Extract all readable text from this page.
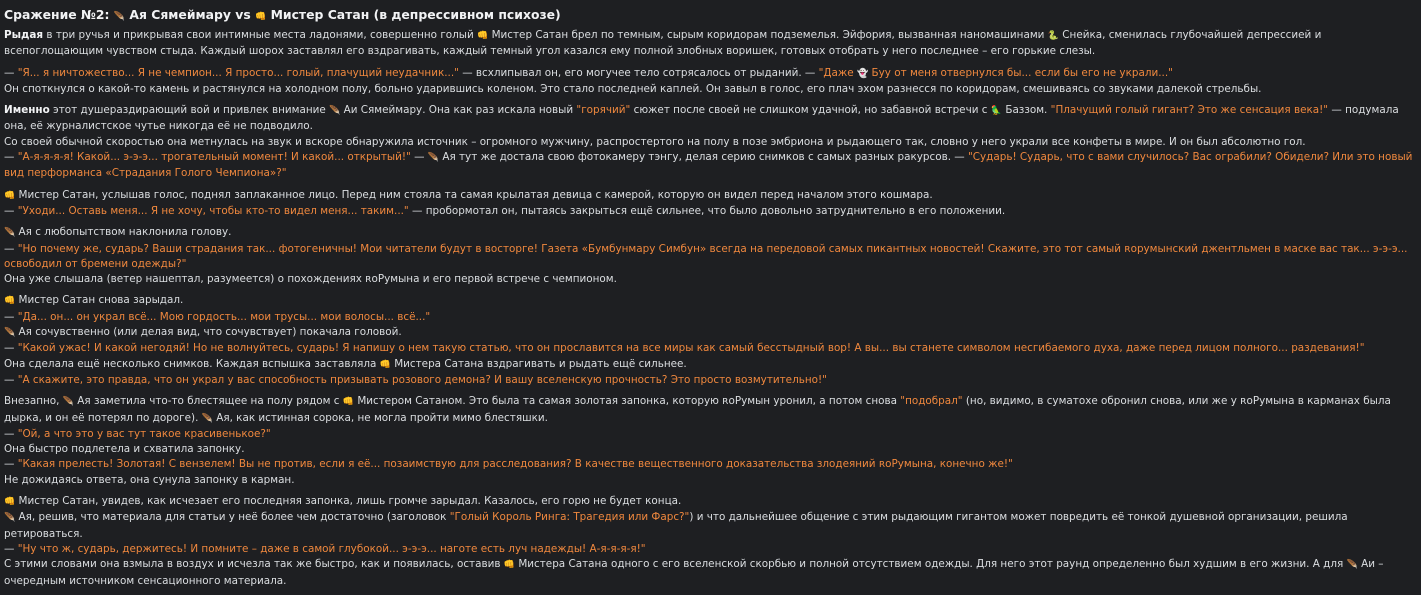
Сражение №2: 🪶 Ая Сямеймару vs 👊 Мистер Сатан (в депрессивном психозе)

Рыдая в три ручья и прикрывая свои интимные места ладонями, совершенно голый 👊 Мистер Сатан брел по темным, сырым коридорам подземелья. Эйфория, вызванная наномашинами 🐍 Снейка, сменилась глубочайшей депрессией и всепоглощающим чувством стыда. Каждый шорох заставлял его вздрагивать, каждый темный угол казался ему полной злобных воришек, готовых отобрать у него последнее – его горькие слезы.

— "Я... я ничтожество... Я не чемпион... Я просто... голый, плачущий неудачник..." — всхлипывал он, его могучее тело сотрясалось от рыданий. — "Даже 👻 Буу от меня отвернулся бы... если бы его не украли..."
Он споткнулся о какой-то камень и растянулся на холодном полу, больно ударившись коленом. Это стало последней каплей. Он завыл в голос, его плач эхом разнесся по коридорам, смешиваясь со звуками далекой стрельбы.

Именно этот душераздирающий вой и привлек внимание 🪶 Аи Сямеймару. Она как раз искала новый "горячий" сюжет после своей не слишком удачной, но забавной встречи с 🦜 Баззом. "Плачущий голый гигант? Это же сенсация века!" — подумала она, её журналистское чутье никогда её не подводило.
Со своей обычной скоростью она метнулась на звук и вскоре обнаружила источник – огромного мужчину, распростертого на полу в позе эмбриона и рыдающего так, словно у него украли все конфеты в мире. И он был абсолютно гол.
— "А-я-я-я-я! Какой... э-э-э... трогательный момент! И какой... открытый!" — 🪶 Ая тут же достала свою фотокамеру тэнгу, делая серию снимков с самых разных ракурсов. — "Сударь! Сударь, что с вами случилось? Вас ограбили? Обидели? Или это новый вид перформанса «Страдания Голого Чемпиона»?"

👊 Мистер Сатан, услышав голос, поднял заплаканное лицо. Перед ним стояла та самая крылатая девица с камерой, которую он видел перед началом этого кошмара.
— "Уходи... Оставь меня... Я не хочу, чтобы кто-то видел меня... таким..." — пробормотал он, пытаясь закрыться ещё сильнее, что было довольно затруднительно в его положении.

🪶 Ая с любопытством наклонила голову.
— "Но почему же, сударь? Ваши страдания так... фотогеничны! Мои читатели будут в восторге! Газета «Бумбунмару Симбун» всегда на передовой самых пикантных новостей! Скажите, это тот самый ʀᴏрумынский джентльмен в маске вас так... э-э-э... освободил от бремени одежды?"
Она уже слышала (ветер нашептал, разумеется) о похождениях ʀᴏРумына и его первой встрече с чемпионом.

👊 Мистер Сатан снова зарыдал.
— "Да... он... он украл всё... Мою гордость... мои трусы... мои волосы... всё..."
🪶 Ая сочувственно (или делая вид, что сочувствует) покачала головой.
— "Какой ужас! И какой негодяй! Но не волнуйтесь, сударь! Я напишу о нем такую статью, что он прославится на все миры как самый бесстыдный вор! А вы... вы станете символом несгибаемого духа, даже перед лицом полного... раздевания!"
Она сделала ещё несколько снимков. Каждая вспышка заставляла 👊 Мистера Сатана вздрагивать и рыдать ещё сильнее.
— "А скажите, это правда, что он украл у вас способность призывать розового демона? И вашу вселенскую прочность? Это просто возмутительно!"

Внезапно, 🪶 Ая заметила что-то блестящее на полу рядом с 👊 Мистером Сатаном. Это была та самая золотая запонка, которую ʀᴏРумын уронил, а потом снова "подобрал" (но, видимо, в суматохе обронил снова, или же у ʀᴏРумына в карманах была дырка, и он её потерял по дороге). 🪶 Ая, как истинная сорока, не могла пройти мимо блестяшки.
— "Ой, а что это у вас тут такое красивенькое?"
Она быстро подлетела и схватила запонку.
— "Какая прелесть! Золотая! С вензелем! Вы не против, если я её... позаимствую для расследования? В качестве вещественного доказательства злодеяний ʀᴏРумына, конечно же!"
Не дожидаясь ответа, она сунула запонку в карман.

👊 Мистер Сатан, увидев, как исчезает его последняя запонка, лишь громче зарыдал. Казалось, его горю не будет конца.
🪶 Ая, решив, что материала для статьи у неё более чем достаточно (заголовок "Голый Король Ринга: Трагедия или Фарс?") и что дальнейшее общение с этим рыдающим гигантом может повредить её тонкой душевной организации, решила ретироваться.
— "Ну что ж, сударь, держитесь! И помните – даже в самой глубокой... э-э-э... наготе есть луч надежды! А-я-я-я-я!"
С этими словами она взмыла в воздух и исчезла так же быстро, как и появилась, оставив 👊 Мистера Сатана одного с его вселенской скорбью и полной отсутствием одежды. Для него этот раунд определенно был худшим в его жизни. А для 🪶 Аи – очередным источником сенсационного материала.
